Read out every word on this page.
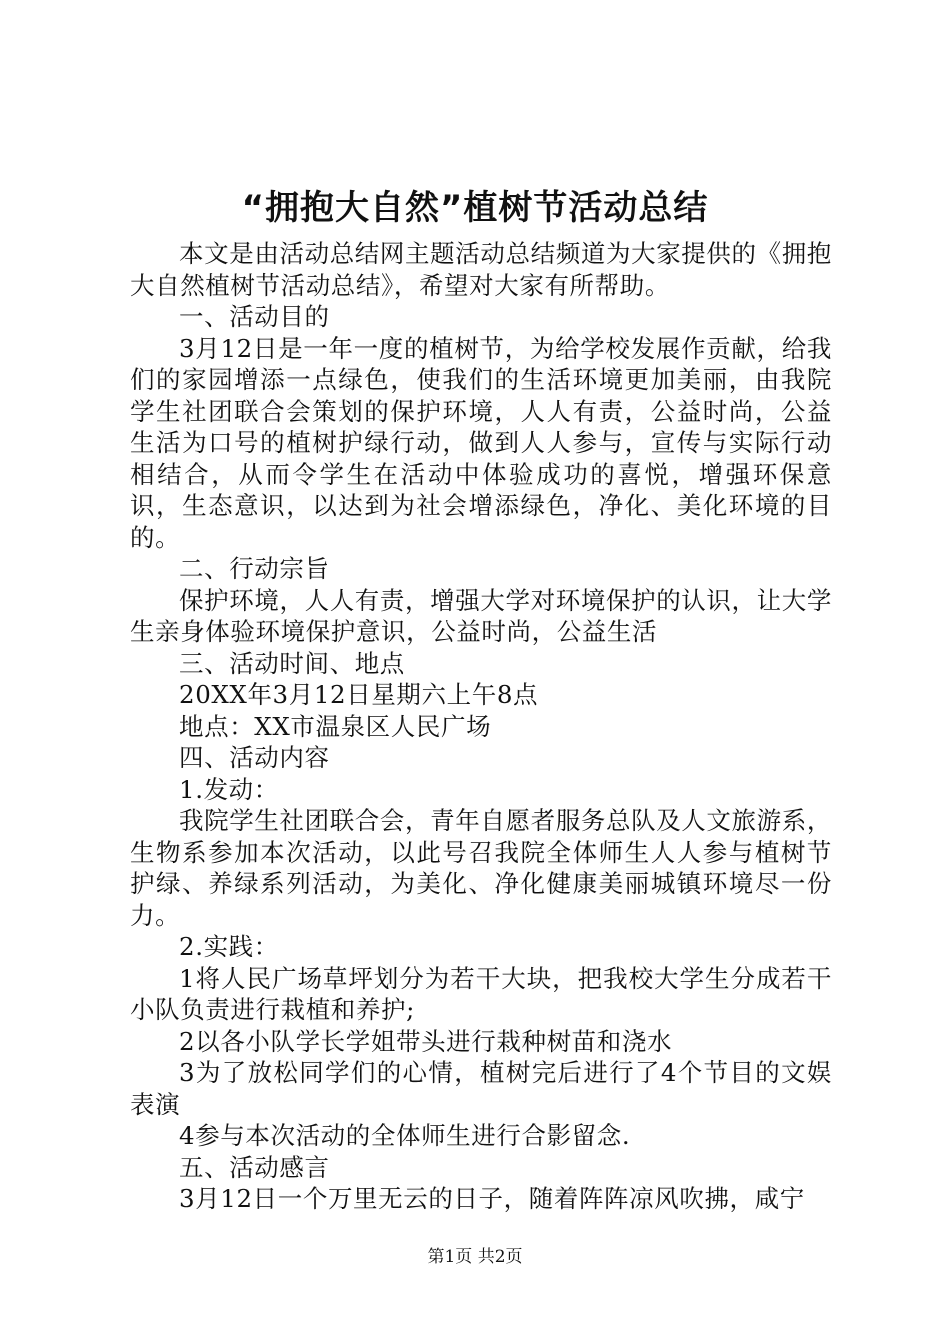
“拥抱大自然”植树节活动总结

本文是由活动总结网主题活动总结频道为大家提供的《拥抱大自然植树节活动总结》，希望对大家有所帮助。

一、活动目的

3月12日是一年一度的植树节，为给学校发展作贡献，给我们的家园增添一点绿色，使我们的生活环境更加美丽，由我院学生社团联合会策划的保护环境，人人有责，公益时尚，公益生活为口号的植树护绿行动，做到人人参与，宣传与实际行动相结合，从而令学生在活动中体验成功的喜悦，增强环保意识，生态意识，以达到为社会增添绿色，净化、美化环境的目的。

二、行动宗旨

保护环境，人人有责，增强大学对环境保护的认识，让大学生亲身体验环境保护意识，公益时尚，公益生活

三、活动时间、地点

20XX年3月12日星期六上午8点

地点：XX市温泉区人民广场

四、活动内容

1.发动：

我院学生社团联合会，青年自愿者服务总队及人文旅游系，生物系参加本次活动，以此号召我院全体师生人人参与植树节护绿、养绿系列活动，为美化、净化健康美丽城镇环境尽一份力。

2.实践：

1将人民广场草坪划分为若干大块，把我校大学生分成若干小队负责进行栽植和养护;

2以各小队学长学姐带头进行栽种树苗和浇水

3为了放松同学们的心情，植树完后进行了4个节目的文娱表演

4参与本次活动的全体师生进行合影留念.

五、活动感言

3月12日一个万里无云的日子，随着阵阵凉风吹拂，咸宁

第1页 共2页
